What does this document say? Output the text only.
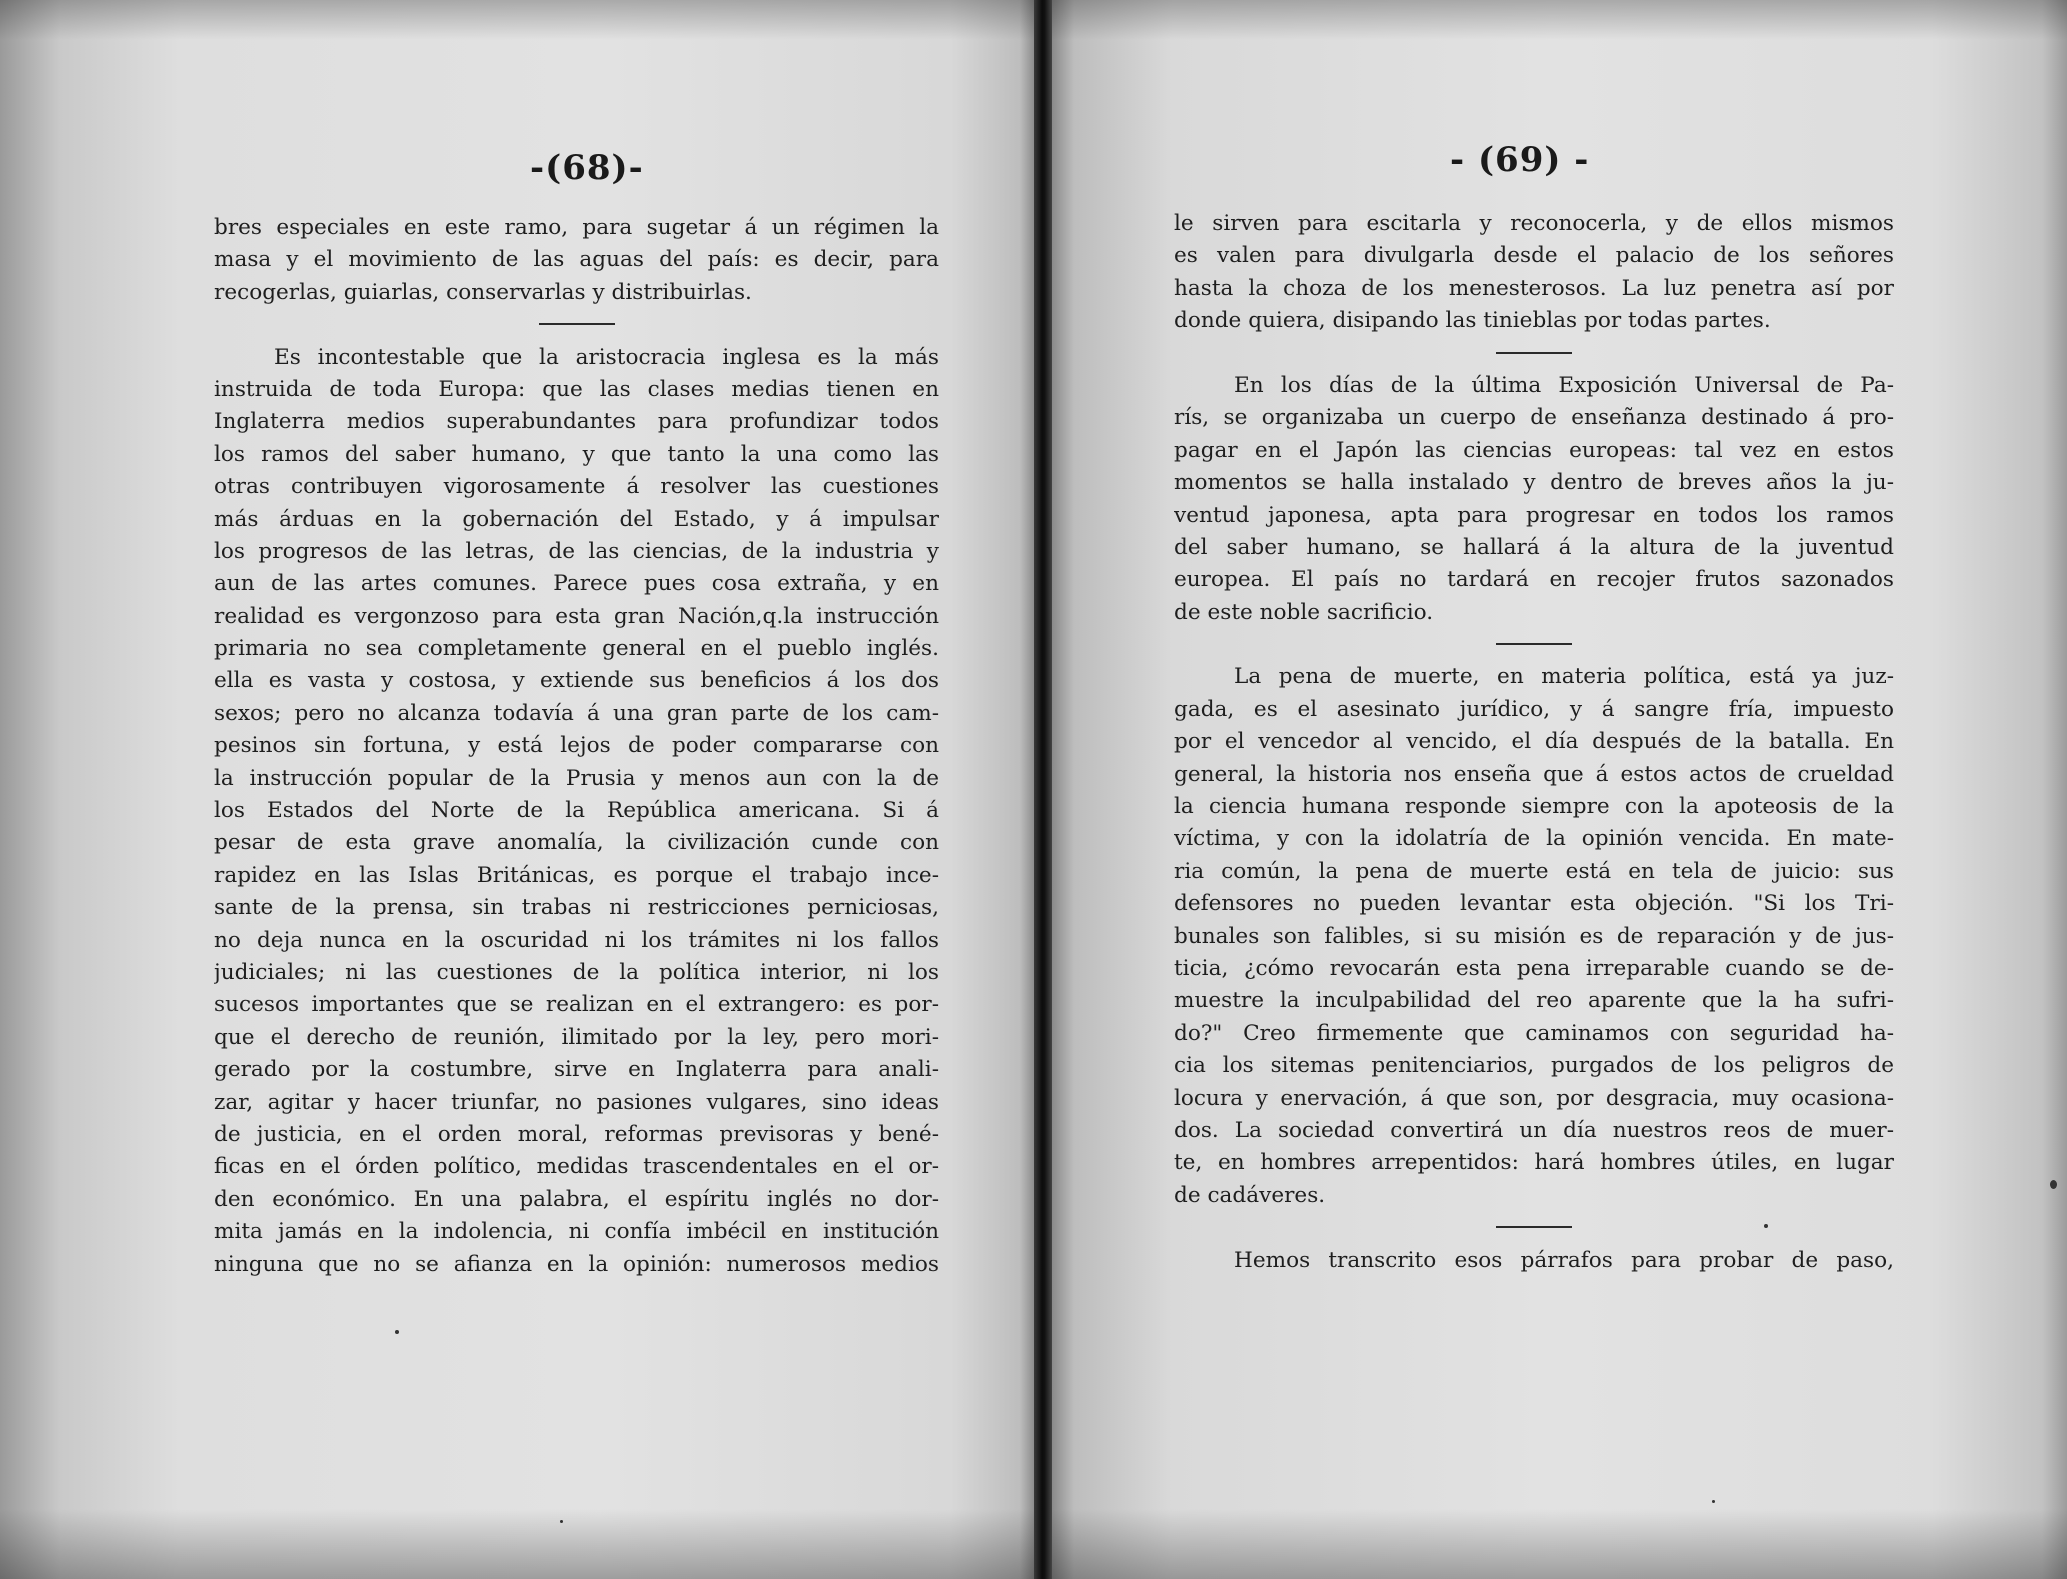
-(68)-
bres especiales en este ramo, para sugetar á un régimen la
masa y el movimiento de las aguas del país: es decir, para
recogerlas, guiarlas, conservarlas y distribuirlas.
Es incontestable que la aristocracia inglesa es la más
instruida de toda Europa: que las clases medias tienen en
Inglaterra medios superabundantes para profundizar todos
los ramos del saber humano, y que tanto la una como las
otras contribuyen vigorosamente á resolver las cuestiones
más árduas en la gobernación del Estado, y á impulsar
los progresos de las letras, de las ciencias, de la industria y
aun de las artes comunes. Parece pues cosa extraña, y en
realidad es vergonzoso para esta gran Nación,q.la instrucción
primaria no sea completamente general en el pueblo inglés.
ella es vasta y costosa, y extiende sus beneficios á los dos
sexos; pero no alcanza todavía á una gran parte de los cam-
pesinos sin fortuna, y está lejos de poder compararse con
la instrucción popular de la Prusia y menos aun con la de
los Estados del Norte de la República americana. Si á
pesar de esta grave anomalía, la civilización cunde con
rapidez en las Islas Británicas, es porque el trabajo ince-
sante de la prensa, sin trabas ni restricciones perniciosas,
no deja nunca en la oscuridad ni los trámites ni los fallos
judiciales; ni las cuestiones de la política interior, ni los
sucesos importantes que se realizan en el extrangero: es por-
que el derecho de reunión, ilimitado por la ley, pero mori-
gerado por la costumbre, sirve en Inglaterra para anali-
zar, agitar y hacer triunfar, no pasiones vulgares, sino ideas
de justicia, en el orden moral, reformas previsoras y bené-
ficas en el órden político, medidas trascendentales en el or-
den económico. En una palabra, el espíritu inglés no dor-
mita jamás en la indolencia, ni confía imbécil en institución
ninguna que no se afianza en la opinión: numerosos medios
- (69) -
le sirven para escitarla y reconocerla, y de ellos mismos
es valen para divulgarla desde el palacio de los señores
hasta la choza de los menesterosos. La luz penetra así por
donde quiera, disipando las tinieblas por todas partes.
En los días de la última Exposición Universal de Pa-
rís, se organizaba un cuerpo de enseñanza destinado á pro-
pagar en el Japón las ciencias europeas: tal vez en estos
momentos se halla instalado y dentro de breves años la ju-
ventud japonesa, apta para progresar en todos los ramos
del saber humano, se hallará á la altura de la juventud
europea. El país no tardará en recojer frutos sazonados
de este noble sacrificio.
La pena de muerte, en materia política, está ya juz-
gada, es el asesinato jurídico, y á sangre fría, impuesto
por el vencedor al vencido, el día después de la batalla. En
general, la historia nos enseña que á estos actos de crueldad
la ciencia humana responde siempre con la apoteosis de la
víctima, y con la idolatría de la opinión vencida. En mate-
ria común, la pena de muerte está en tela de juicio: sus
defensores no pueden levantar esta objeción. "Si los Tri-
bunales son falibles, si su misión es de reparación y de jus-
ticia, ¿cómo revocarán esta pena irreparable cuando se de-
muestre la inculpabilidad del reo aparente que la ha sufri-
do?" Creo firmemente que caminamos con seguridad ha-
cia los sitemas penitenciarios, purgados de los peligros de
locura y enervación, á que son, por desgracia, muy ocasiona-
dos. La sociedad convertirá un día nuestros reos de muer-
te, en hombres arrepentidos: hará hombres útiles, en lugar
de cadáveres.
Hemos transcrito esos párrafos para probar de paso,
